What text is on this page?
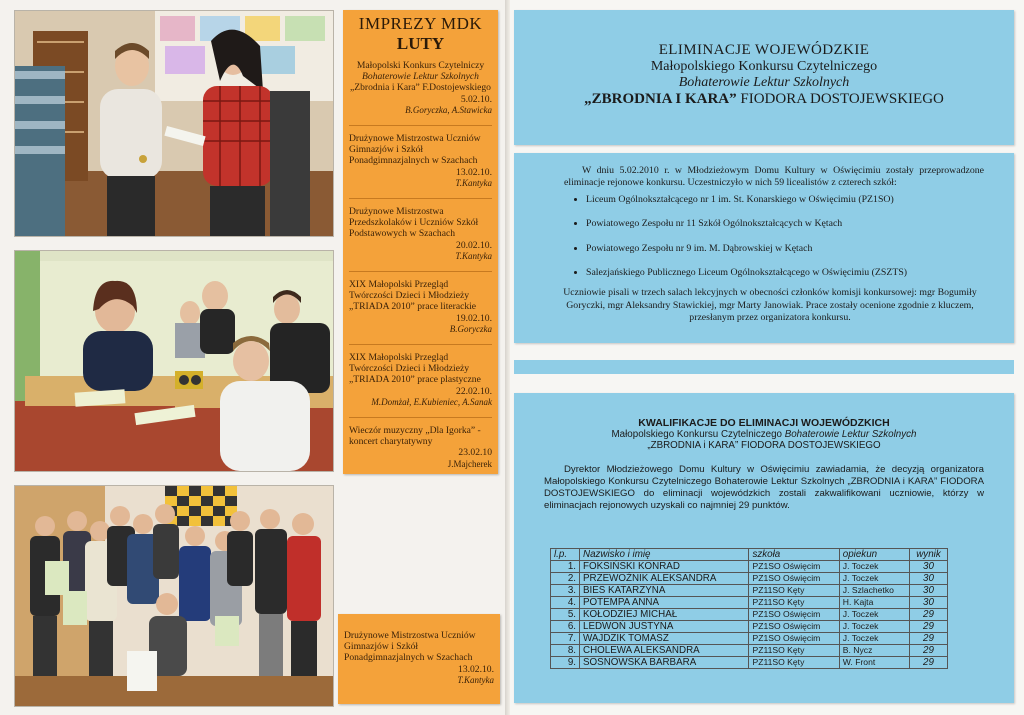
IMPREZY MDK
LUTY
Małopolski Konkurs Czytelniczy
Bohaterowie Lektur Szkolnych
„Zbrodnia i Kara” F.Dostojewskiego
5.02.10.
B.Goryczka, A.Stawicka
Drużynowe Mistrzostwa Uczniów Gimnazjów i Szkół Ponadgimnazjalnych w Szachach
13.02.10.
T.Kantyka
Drużynowe Mistrzostwa Przedszkolaków i Uczniów Szkół Podstawowych w Szachach
20.02.10.
T.Kantyka
XIX Małopolski Przegląd Twórczości Dzieci i Młodzieży „TRIADA 2010” prace literackie
19.02.10.
B.Goryczka
XIX Małopolski Przegląd Twórczości Dzieci i Młodzieży „TRIADA 2010” prace plastyczne
22.02.10.
M.Domżał, E.Kubieniec, A.Sanak
Wieczór muzyczny „Dla Igorka” - koncert charytatywny
23.02.10
J.Majcherek
Drużynowe Mistrzostwa Uczniów Gimnazjów i Szkół Ponadgimnazjalnych w Szachach
13.02.10.
T.Kantyka
ELIMINACJE WOJEWÓDZKIE
Małopolskiego Konkursu Czytelniczego
Bohaterowie Lektur Szkolnych
„ZBRODNIA I KARA” FIODORA DOSTOJEWSKIEGO
W dniu 5.02.2010 r. w Młodzieżowym Domu Kultury w Oświęcimiu zostały przeprowadzone eliminacje rejonowe konkursu. Uczestniczyło w nich 59 licealistów z czterech szkół:
• Liceum Ogólnokształcącego nr 1 im. St. Konarskiego w Oświęcimiu (PZ1SO)
• Powiatowego Zespołu nr 11 Szkół Ogólnokształcących w Kętach
• Powiatowego Zespołu nr 9 im. M. Dąbrowskiej w Kętach
• Salezjańskiego Publicznego Liceum Ogólnokształcącego w Oświęcimiu (ZSZTS)
Uczniowie pisali w trzech salach lekcyjnych w obecności członków komisji konkursowej: mgr Bogumiły Goryczki, mgr Aleksandry Stawickiej, mgr Marty Janowiak. Prace zostały ocenione zgodnie z kluczem, przesłanym przez organizatora konkursu.
KWALIFIKACJE DO ELIMINACJI WOJEWÓDZKICH
Małopolskiego Konkursu Czytelniczego Bohaterowie Lektur Szkolnych
„ZBRODNIA i KARA” FIODORA DOSTOJEWSKIEGO
Dyrektor Młodzieżowego Domu Kultury w Oświęcimiu zawiadamia, że decyzją organizatora Małopolskiego Konkursu Czytelniczego Bohaterowie Lektur Szkolnych „ZBRODNIA i KARA” FIODORA DOSTOJEWSKIEGO do eliminacji wojewódzkich zostali zakwalifikowani uczniowie, którzy w eliminacjach rejonowych uzyskali co najmniej 29 punktów.
l.p.	Nazwisko i imię	szkoła	opiekun	wynik
1.	FOKSIŃSKI KONRAD	PZ1SO Oświęcim	J. Toczek	30
2.	PRZEWOŹNIK ALEKSANDRA	PZ1SO Oświęcim	J. Toczek	30
3.	BIES KATARZYNA	PZ11SO Kęty	J. Szlachetko	30
4.	POTEMPA ANNA	PZ11SO Kęty	H. Kajta	30
5.	KOŁODZIEJ MICHAŁ	PZ1SO Oświęcim	J. Toczek	29
6.	LEDWOŃ JUSTYNA	PZ1SO Oświęcim	J. Toczek	29
7.	WAJDZIK TOMASZ	PZ1SO Oświęcim	J. Toczek	29
8.	CHOLEWA ALEKSANDRA	PZ11SO Kęty	B. Nycz	29
9.	SOSNOWSKA BARBARA	PZ11SO Kęty	W. Front	29
